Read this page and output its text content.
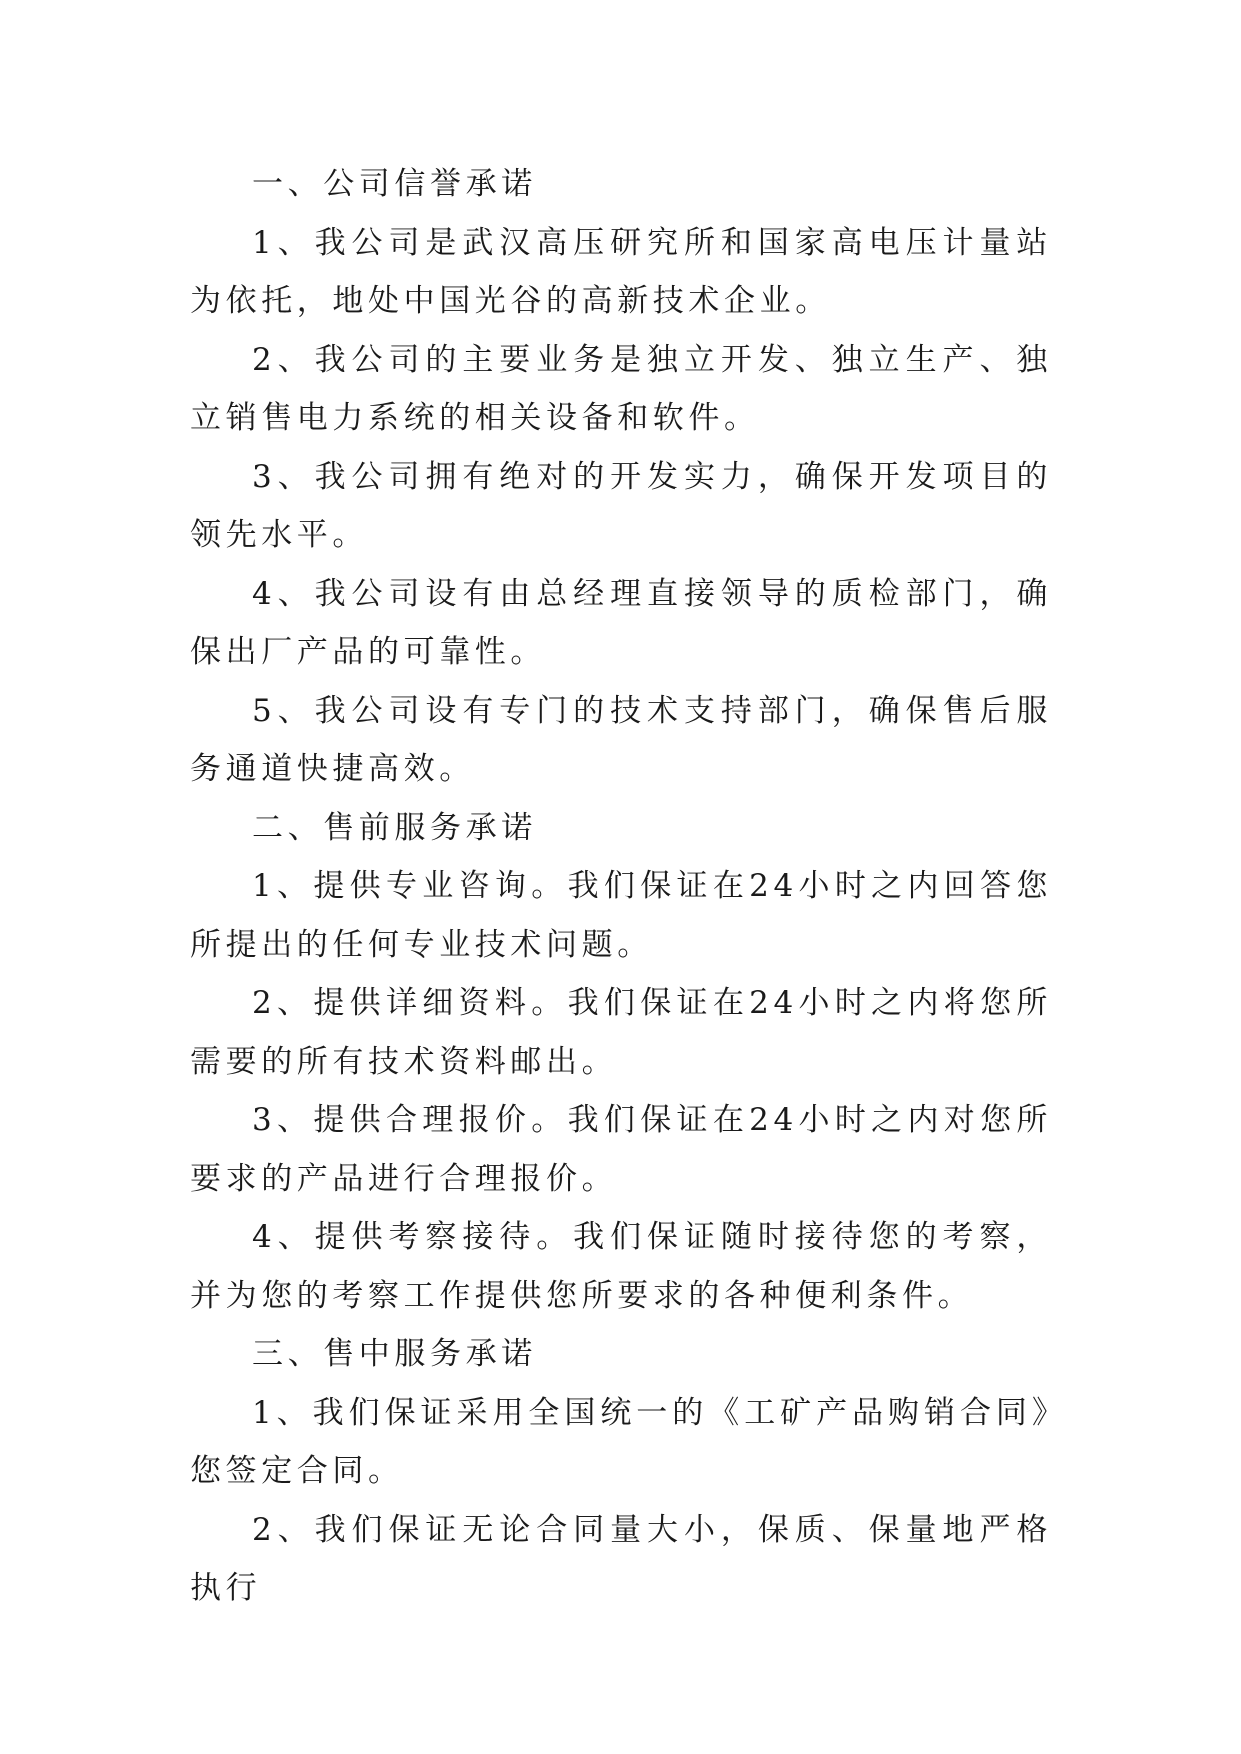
一、公司信誉承诺

1、我公司是武汉高压研究所和国家高电压计量站为依托，地处中国光谷的高新技术企业。

2、我公司的主要业务是独立开发、独立生产、独立销售电力系统的相关设备和软件。

3、我公司拥有绝对的开发实力，确保开发项目的领先水平。

4、我公司设有由总经理直接领导的质检部门，确保出厂产品的可靠性。

5、我公司设有专门的技术支持部门，确保售后服务通道快捷高效。

二、售前服务承诺

1、提供专业咨询。我们保证在24小时之内回答您所提出的任何专业技术问题。

2、提供详细资料。我们保证在24小时之内将您所需要的所有技术资料邮出。

3、提供合理报价。我们保证在24小时之内对您所要求的产品进行合理报价。

4、提供考察接待。我们保证随时接待您的考察，并为您的考察工作提供您所要求的各种便利条件。

三、售中服务承诺

1、我们保证采用全国统一的《工矿产品购销合同》您签定合同。

2、我们保证无论合同量大小，保质、保量地严格执行
